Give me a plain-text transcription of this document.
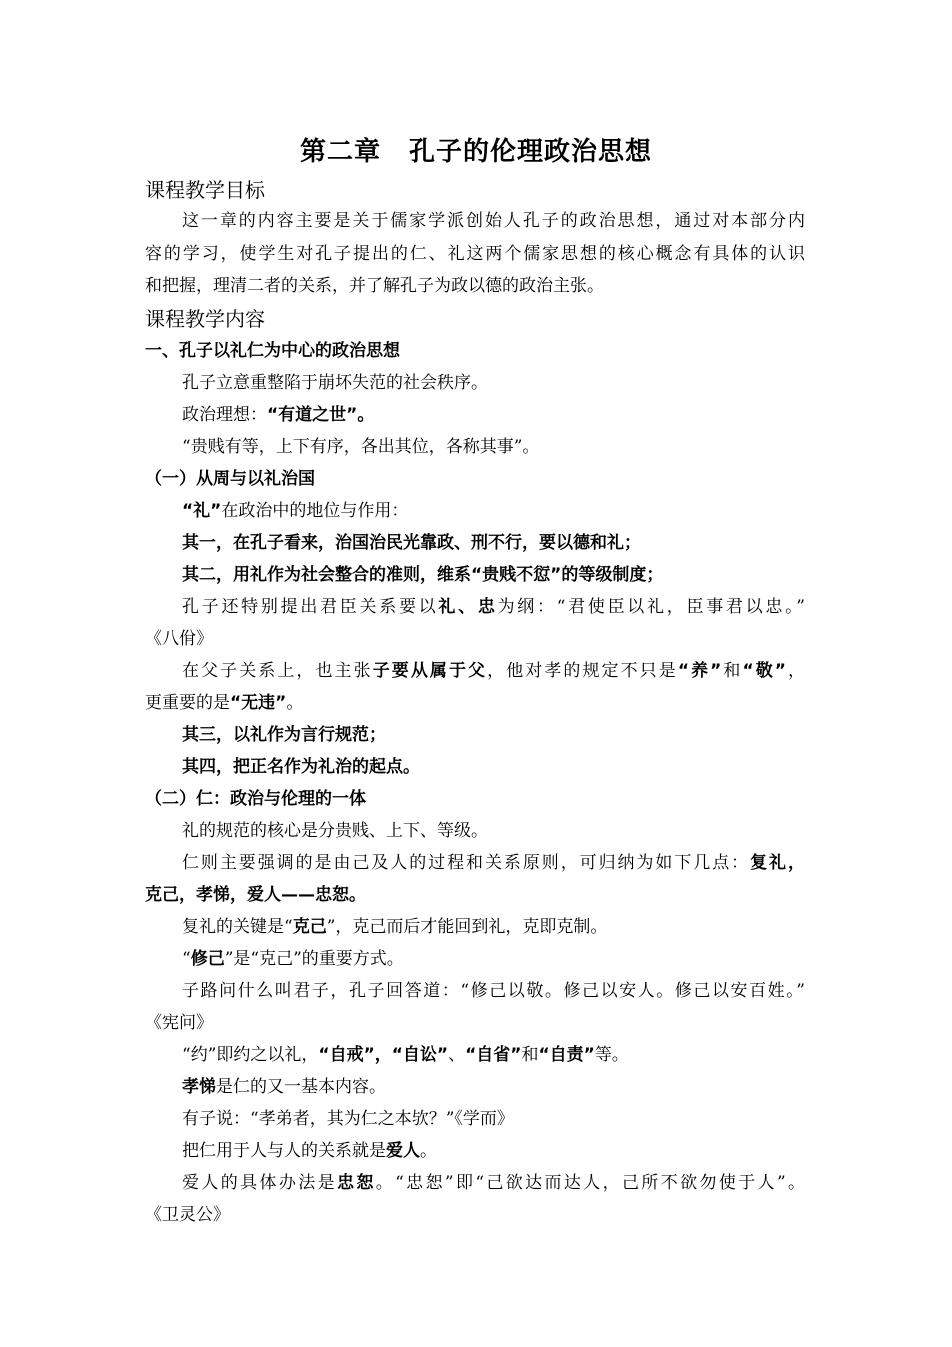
第二章 孔子的伦理政治思想
课程教学目标
这一章的内容主要是关于儒家学派创始人孔子的政治思想，通过对本部分内
容的学习，使学生对孔子提出的仁、礼这两个儒家思想的核心概念有具体的认识
和把握，理清二者的关系，并了解孔子为政以德的政治主张。
课程教学内容
一、孔子以礼仁为中心的政治思想
孔子立意重整陷于崩坏失范的社会秩序。
政治理想：“有道之世”。
“贵贱有等，上下有序，各出其位，各称其事”。
（一）从周与以礼治国
“礼”在政治中的地位与作用：
其一，在孔子看来，治国治民光靠政、刑不行，要以德和礼；
其二，用礼作为社会整合的准则，维系“贵贱不愆”的等级制度；
孔子还特别提出君臣关系要以礼、忠为纲：“君使臣以礼，臣事君以忠。”
《八佾》
在父子关系上，也主张子要从属于父，他对孝的规定不只是“养”和“敬”，
更重要的是“无违”。
其三，以礼作为言行规范；
其四，把正名作为礼治的起点。
（二）仁：政治与伦理的一体
礼的规范的核心是分贵贱、上下、等级。
仁则主要强调的是由己及人的过程和关系原则，可归纳为如下几点：复礼，
克己，孝悌，爱人——忠恕。
复礼的关键是“克己”，克己而后才能回到礼，克即克制。
“修己”是“克己”的重要方式。
子路问什么叫君子，孔子回答道：“修己以敬。修己以安人。修己以安百姓。”
《宪问》
“约”即约之以礼，“自戒”，“自讼”、“自省”和“自责”等。
孝悌是仁的又一基本内容。
有子说：“孝弟者，其为仁之本欤？”《学而》
把仁用于人与人的关系就是爱人。
爱人的具体办法是忠恕。“忠恕”即“己欲达而达人，己所不欲勿使于人”。
《卫灵公》
